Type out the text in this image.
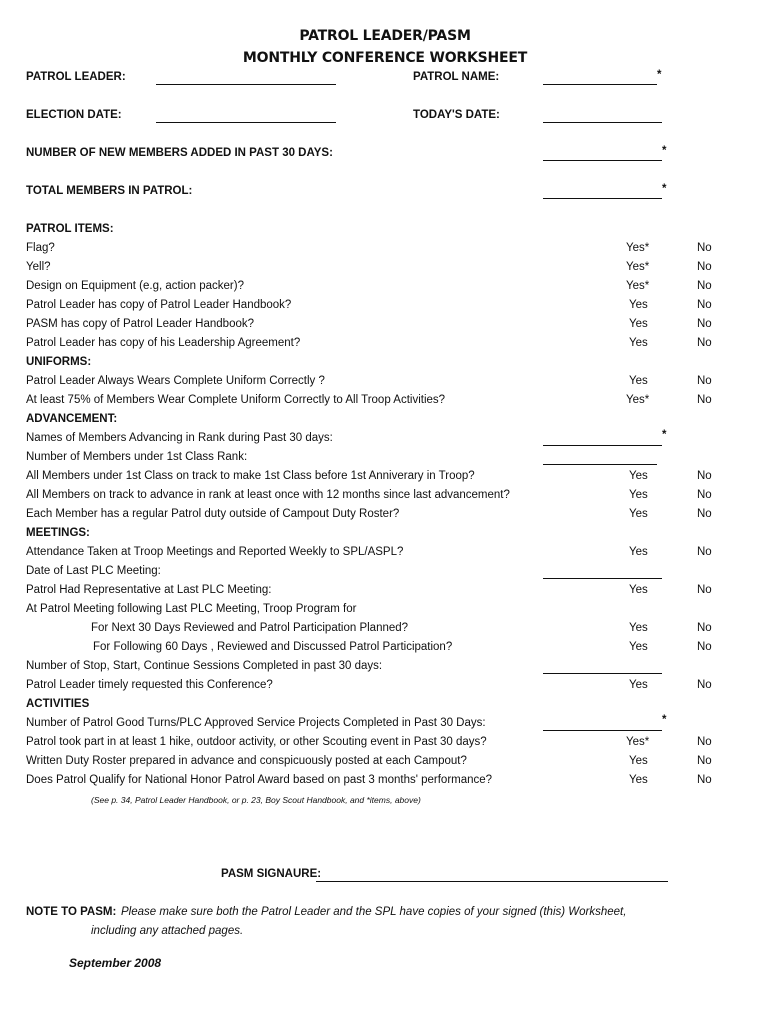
PATROL LEADER/PASM
MONTHLY CONFERENCE WORKSHEET
PATROL LEADER:	PATROL NAME:	*
ELECTION DATE:	TODAY'S DATE:
NUMBER OF NEW MEMBERS ADDED IN PAST 30 DAYS:	*
TOTAL MEMBERS IN PATROL:	*
PATROL ITEMS:
Flag?	Yes*	No
Yell?	Yes*	No
Design on Equipment (e.g, action packer)?	Yes*	No
Patrol Leader has copy of Patrol Leader Handbook?	Yes	No
PASM has copy of Patrol Leader Handbook?	Yes	No
Patrol Leader has copy of his Leadership Agreement?	Yes	No
UNIFORMS:
Patrol Leader Always Wears Complete Uniform Correctly ?	Yes	No
At least 75% of Members Wear Complete Uniform Correctly to All Troop Activities?	Yes*	No
ADVANCEMENT:
Names of Members Advancing in Rank during Past 30 days:	*
Number of Members under 1st Class Rank:
All Members under 1st Class on track to make 1st Class before 1st Anniverary in Troop?	Yes	No
All Members on track to advance in rank at least once with 12 months since last advancement?	Yes	No
Each Member has a regular Patrol duty outside of Campout Duty Roster?	Yes	No
MEETINGS:
Attendance Taken at Troop Meetings and Reported Weekly to SPL/ASPL?	Yes	No
Date of Last PLC Meeting:
Patrol Had Representative at Last PLC Meeting:	Yes	No
At Patrol Meeting following Last PLC Meeting, Troop Program for
For Next 30 Days Reviewed and Patrol Participation Planned?	Yes	No
For Following 60 Days , Reviewed and Discussed Patrol Participation?	Yes	No
Number of Stop, Start, Continue Sessions Completed in past 30 days:
Patrol Leader timely requested this Conference?	Yes	No
ACTIVITIES
Number of Patrol Good Turns/PLC Approved Service Projects Completed in Past 30 Days:	*
Patrol took part in at least 1 hike, outdoor activity, or other Scouting event in Past 30 days?	Yes*	No
Written Duty Roster prepared in advance and conspicuously posted at each Campout?	Yes	No
Does Patrol Qualify for National Honor Patrol Award based on past 3 months' performance?	Yes	No
(See p. 34, Patrol Leader Handbook, or p. 23, Boy Scout Handbook, and *items, above)
PASM SIGNAURE:
NOTE TO PASM: Please make sure both the Patrol Leader and the SPL have copies of your signed (this) Worksheet,
including any attached pages.
September 2008
